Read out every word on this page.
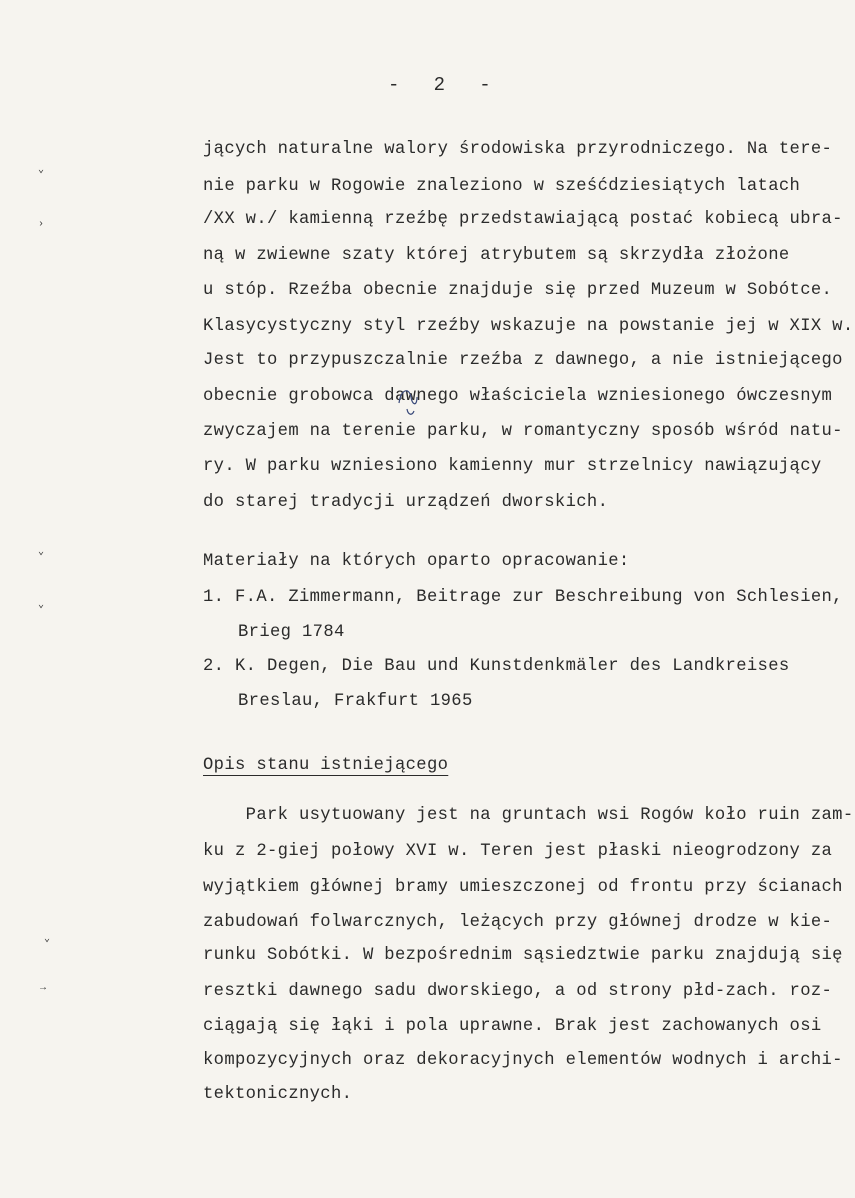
-   2   -
jących naturalne walory środowiska przyrodniczego. Na tere-
nie parku w Rogowie znaleziono w sześćdziesiątych latach
/XX w./ kamienną rzeźbę przedstawiającą postać kobiecą ubra-
ną w zwiewne szaty której atrybutem są skrzydła złożone
u stóp. Rzeźba obecnie znajduje się przed Muzeum w Sobótce.
Klasycystyczny styl rzeźby wskazuje na powstanie jej w XIX w.
Jest to przypuszczalnie rzeźba z dawnego, a nie istniejącego
obecnie grobowca dawnego właściciela wzniesionego ówczesnym
zwyczajem na terenie parku, w romantyczny sposób wśród natu-
ry. W parku wzniesiono kamienny mur strzelnicy nawiązujący
do starej tradycji urządzeń dworskich.
Materiały na których oparto opracowanie:
1. F.A. Zimmermann, Beitrage zur Beschreibung von Schlesien,
Brieg 1784
2. K. Degen, Die Bau und Kunstdenkmäler des Landkreises
Breslau, Frakfurt 1965
Opis stanu istniejącego
Park usytuowany jest na gruntach wsi Rogów koło ruin zam-
ku z 2-giej połowy XVI w. Teren jest płaski nieogrodzony za
wyjątkiem głównej bramy umieszczonej od frontu przy ścianach
zabudowań folwarcznych, leżących przy głównej drodze w kie-
runku Sobótki. W bezpośrednim sąsiedztwie parku znajdują się
resztki dawnego sadu dworskiego, a od strony płd-zach. roz-
ciągają się łąki i pola uprawne. Brak jest zachowanych osi
kompozycyjnych oraz dekoracyjnych elementów wodnych i archi-
tektonicznych.
⌄
›
⌄
⌄
⌄
→
